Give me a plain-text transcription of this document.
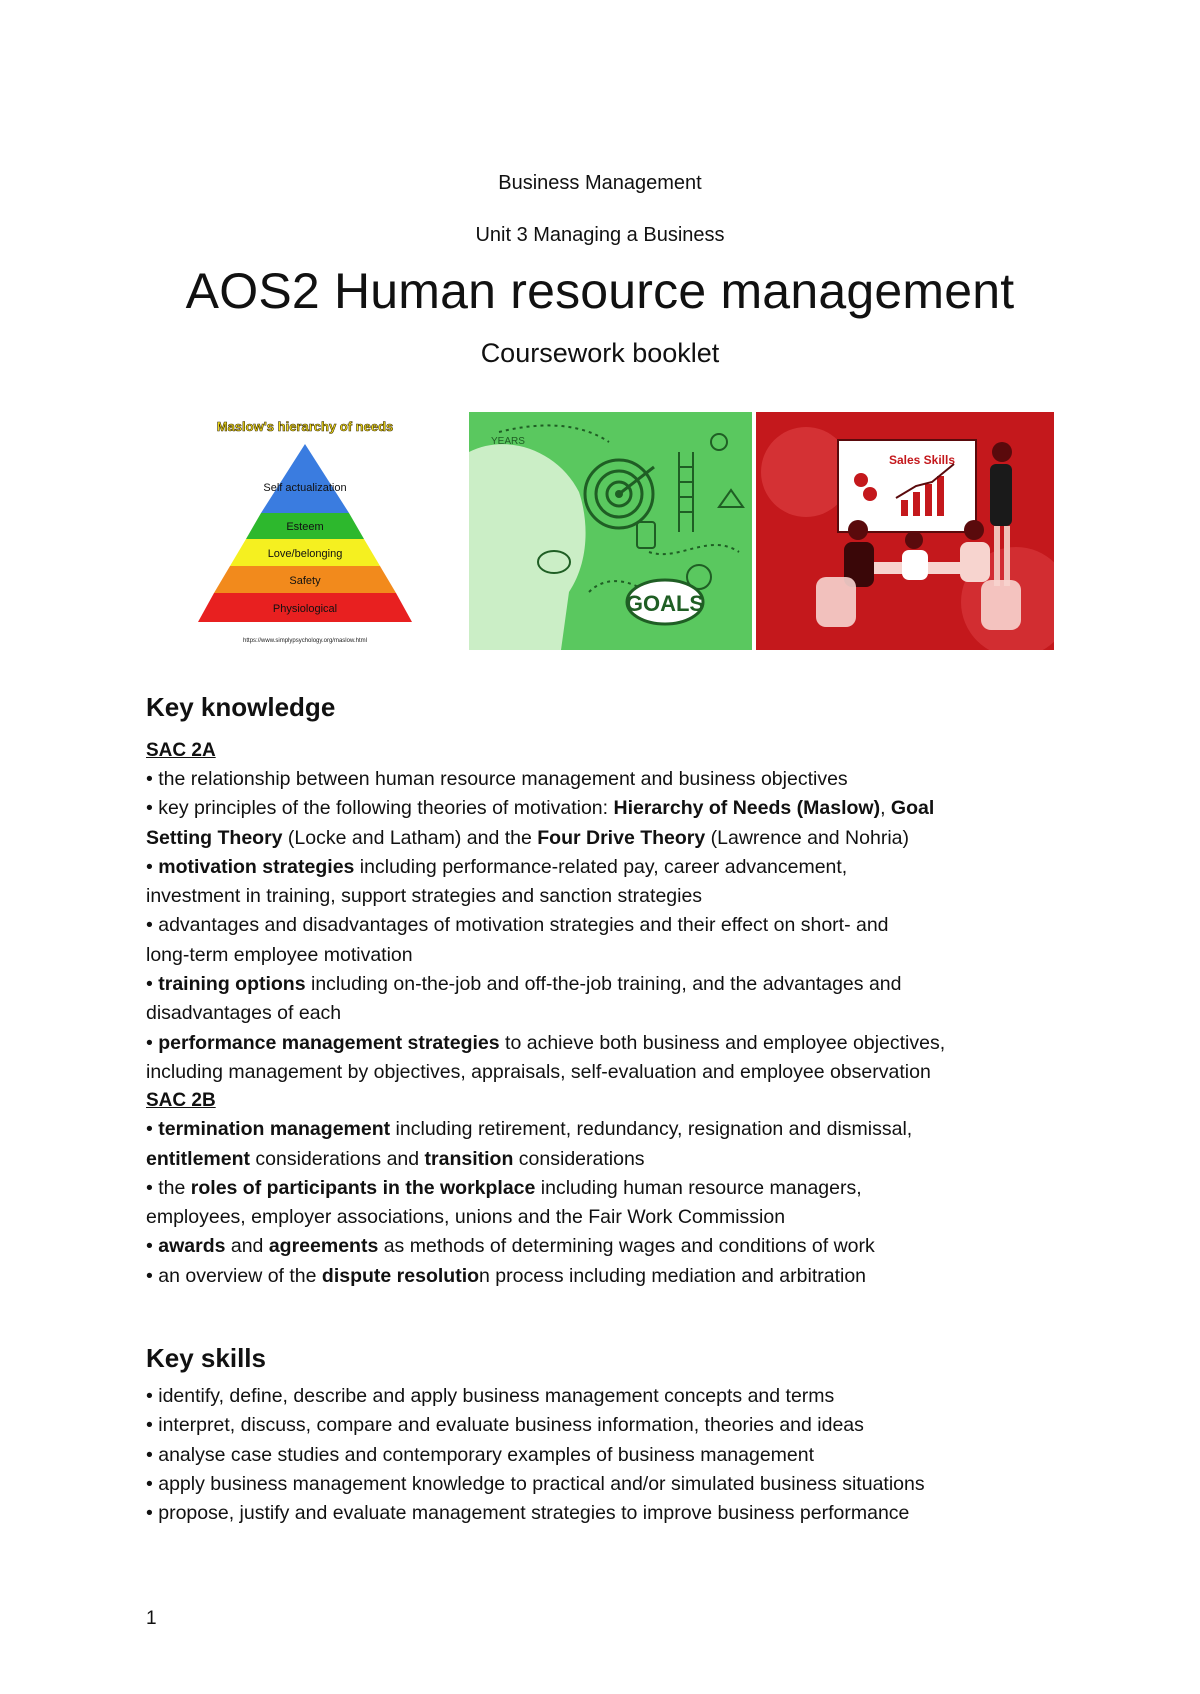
Business Management
Unit 3 Managing a Business
AOS2 Human resource management
Coursework booklet
Maslow's hierarchy of needs
Self actualization
Esteem
Love/belonging
Safety
Physiological
https://www.simplypsychology.org/maslow.html
GOALS
YEARS
Sales Skills
Key knowledge
SAC 2A
• the relationship between human resource management and business objectives
• key principles of the following theories of motivation: Hierarchy of Needs (Maslow), Goal
Setting Theory (Locke and Latham) and the Four Drive Theory (Lawrence and Nohria)
• motivation strategies including performance-related pay, career advancement,
investment in training, support strategies and sanction strategies
• advantages and disadvantages of motivation strategies and their effect on short- and
long-term employee motivation
• training options including on-the-job and off-the-job training, and the advantages and
disadvantages of each
• performance management strategies to achieve both business and employee objectives,
including management by objectives, appraisals, self-evaluation and employee observation
SAC 2B
• termination management including retirement, redundancy, resignation and dismissal,
entitlement considerations and transition considerations
• the roles of participants in the workplace including human resource managers,
employees, employer associations, unions and the Fair Work Commission
• awards and agreements as methods of determining wages and conditions of work
• an overview of the dispute resolution process including mediation and arbitration
Key skills
• identify, define, describe and apply business management concepts and terms
• interpret, discuss, compare and evaluate business information, theories and ideas
• analyse case studies and contemporary examples of business management
• apply business management knowledge to practical and/or simulated business situations
• propose, justify and evaluate management strategies to improve business performance
1
